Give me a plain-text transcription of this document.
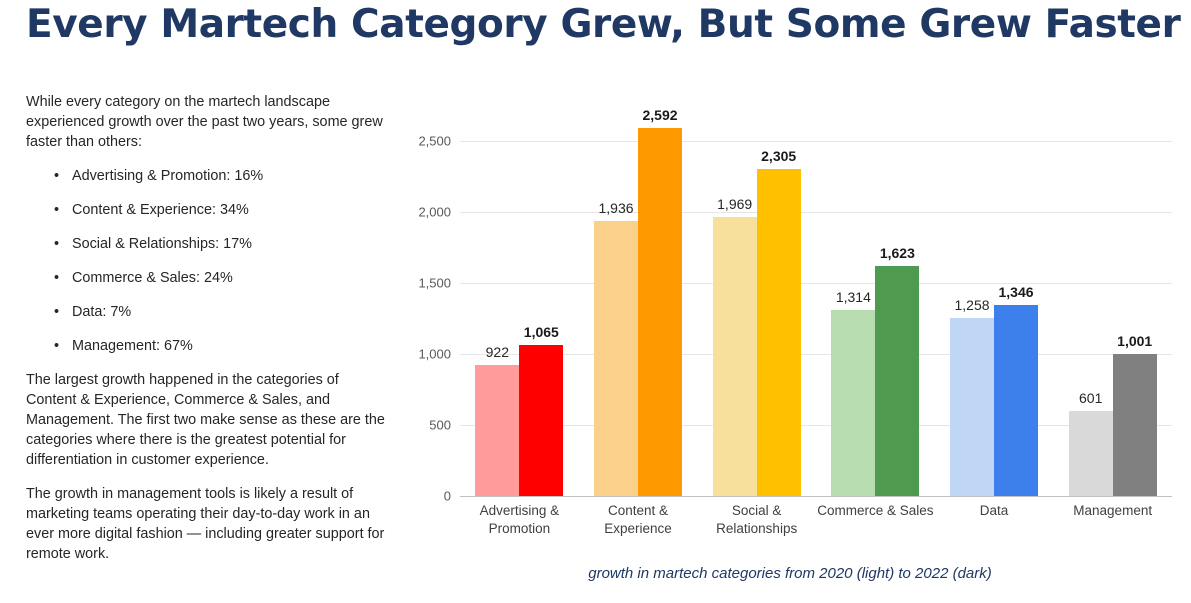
Every Martech Category Grew, But Some Grew Faster

While every category on the martech landscape experienced growth over the past two years, some grew faster than others:

• Advertising & Promotion: 16%
• Content & Experience: 34%
• Social & Relationships: 17%
• Commerce & Sales: 24%
• Data: 7%
• Management: 67%

The largest growth happened in the categories of Content & Experience, Commerce & Sales, and Management. The first two make sense as these are the categories where there is the greatest potential for differentiation in customer experience.

The growth in management tools is likely a result of marketing teams operating their day-to-day work in an ever more digital fashion — including greater support for remote work.

0
500
1,000
1,500
2,000
2,500
922
1,065
1,936
2,592
1,969
2,305
1,314
1,623
1,258
1,346
601
1,001
Advertising & Promotion
Content & Experience
Social & Relationships
Commerce & Sales	Data	Management
growth in martech categories from 2020 (light) to 2022 (dark)
